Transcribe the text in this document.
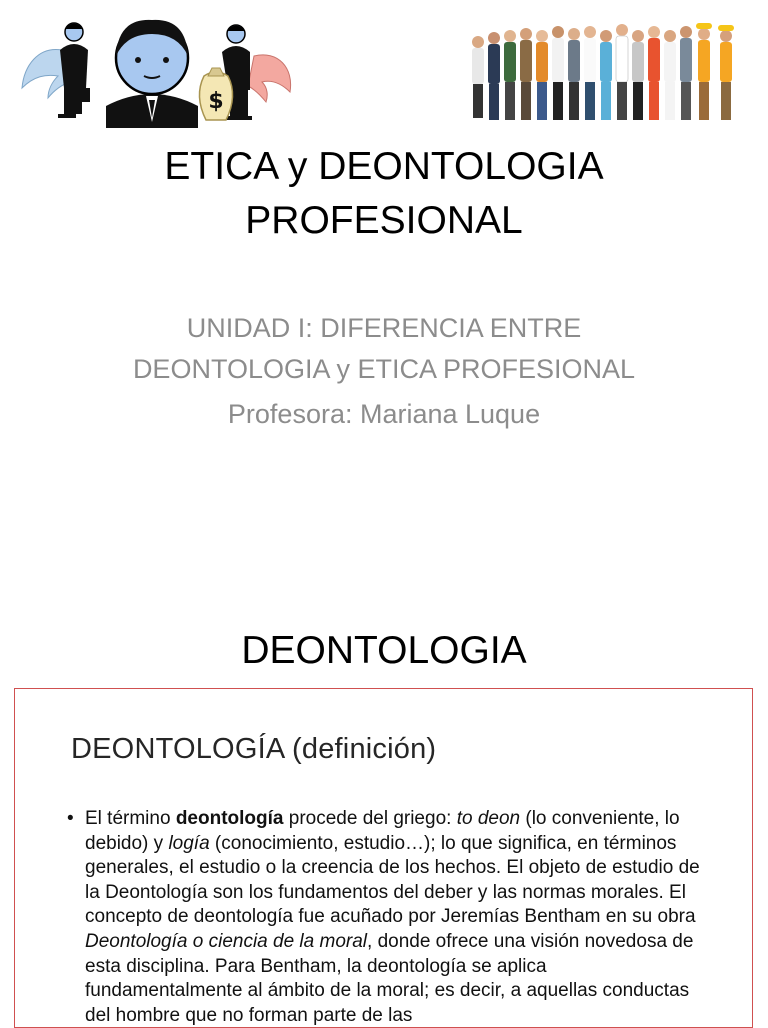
$
ETICA y DEONTOLOGIA
PROFESIONAL
UNIDAD I: DIFERENCIA ENTRE
DEONTOLOGIA y ETICA PROFESIONAL
Profesora: Mariana Luque
DEONTOLOGIA
DEONTOLOGÍA (definición)
• El término deontología procede del griego: to deon (lo conveniente, lo debido) y logía (conocimiento, estudio…); lo que significa, en términos generales, el estudio o la creencia de los hechos. El objeto de estudio de la Deontología son los fundamentos del deber y las normas morales. El concepto de deontología fue acuñado por Jeremías Bentham en su obra Deontología o ciencia de la moral, donde ofrece una visión novedosa de esta disciplina. Para Bentham, la deontología se aplica fundamentalmente al ámbito de la moral; es decir, a aquellas conductas del hombre que no forman parte de las
